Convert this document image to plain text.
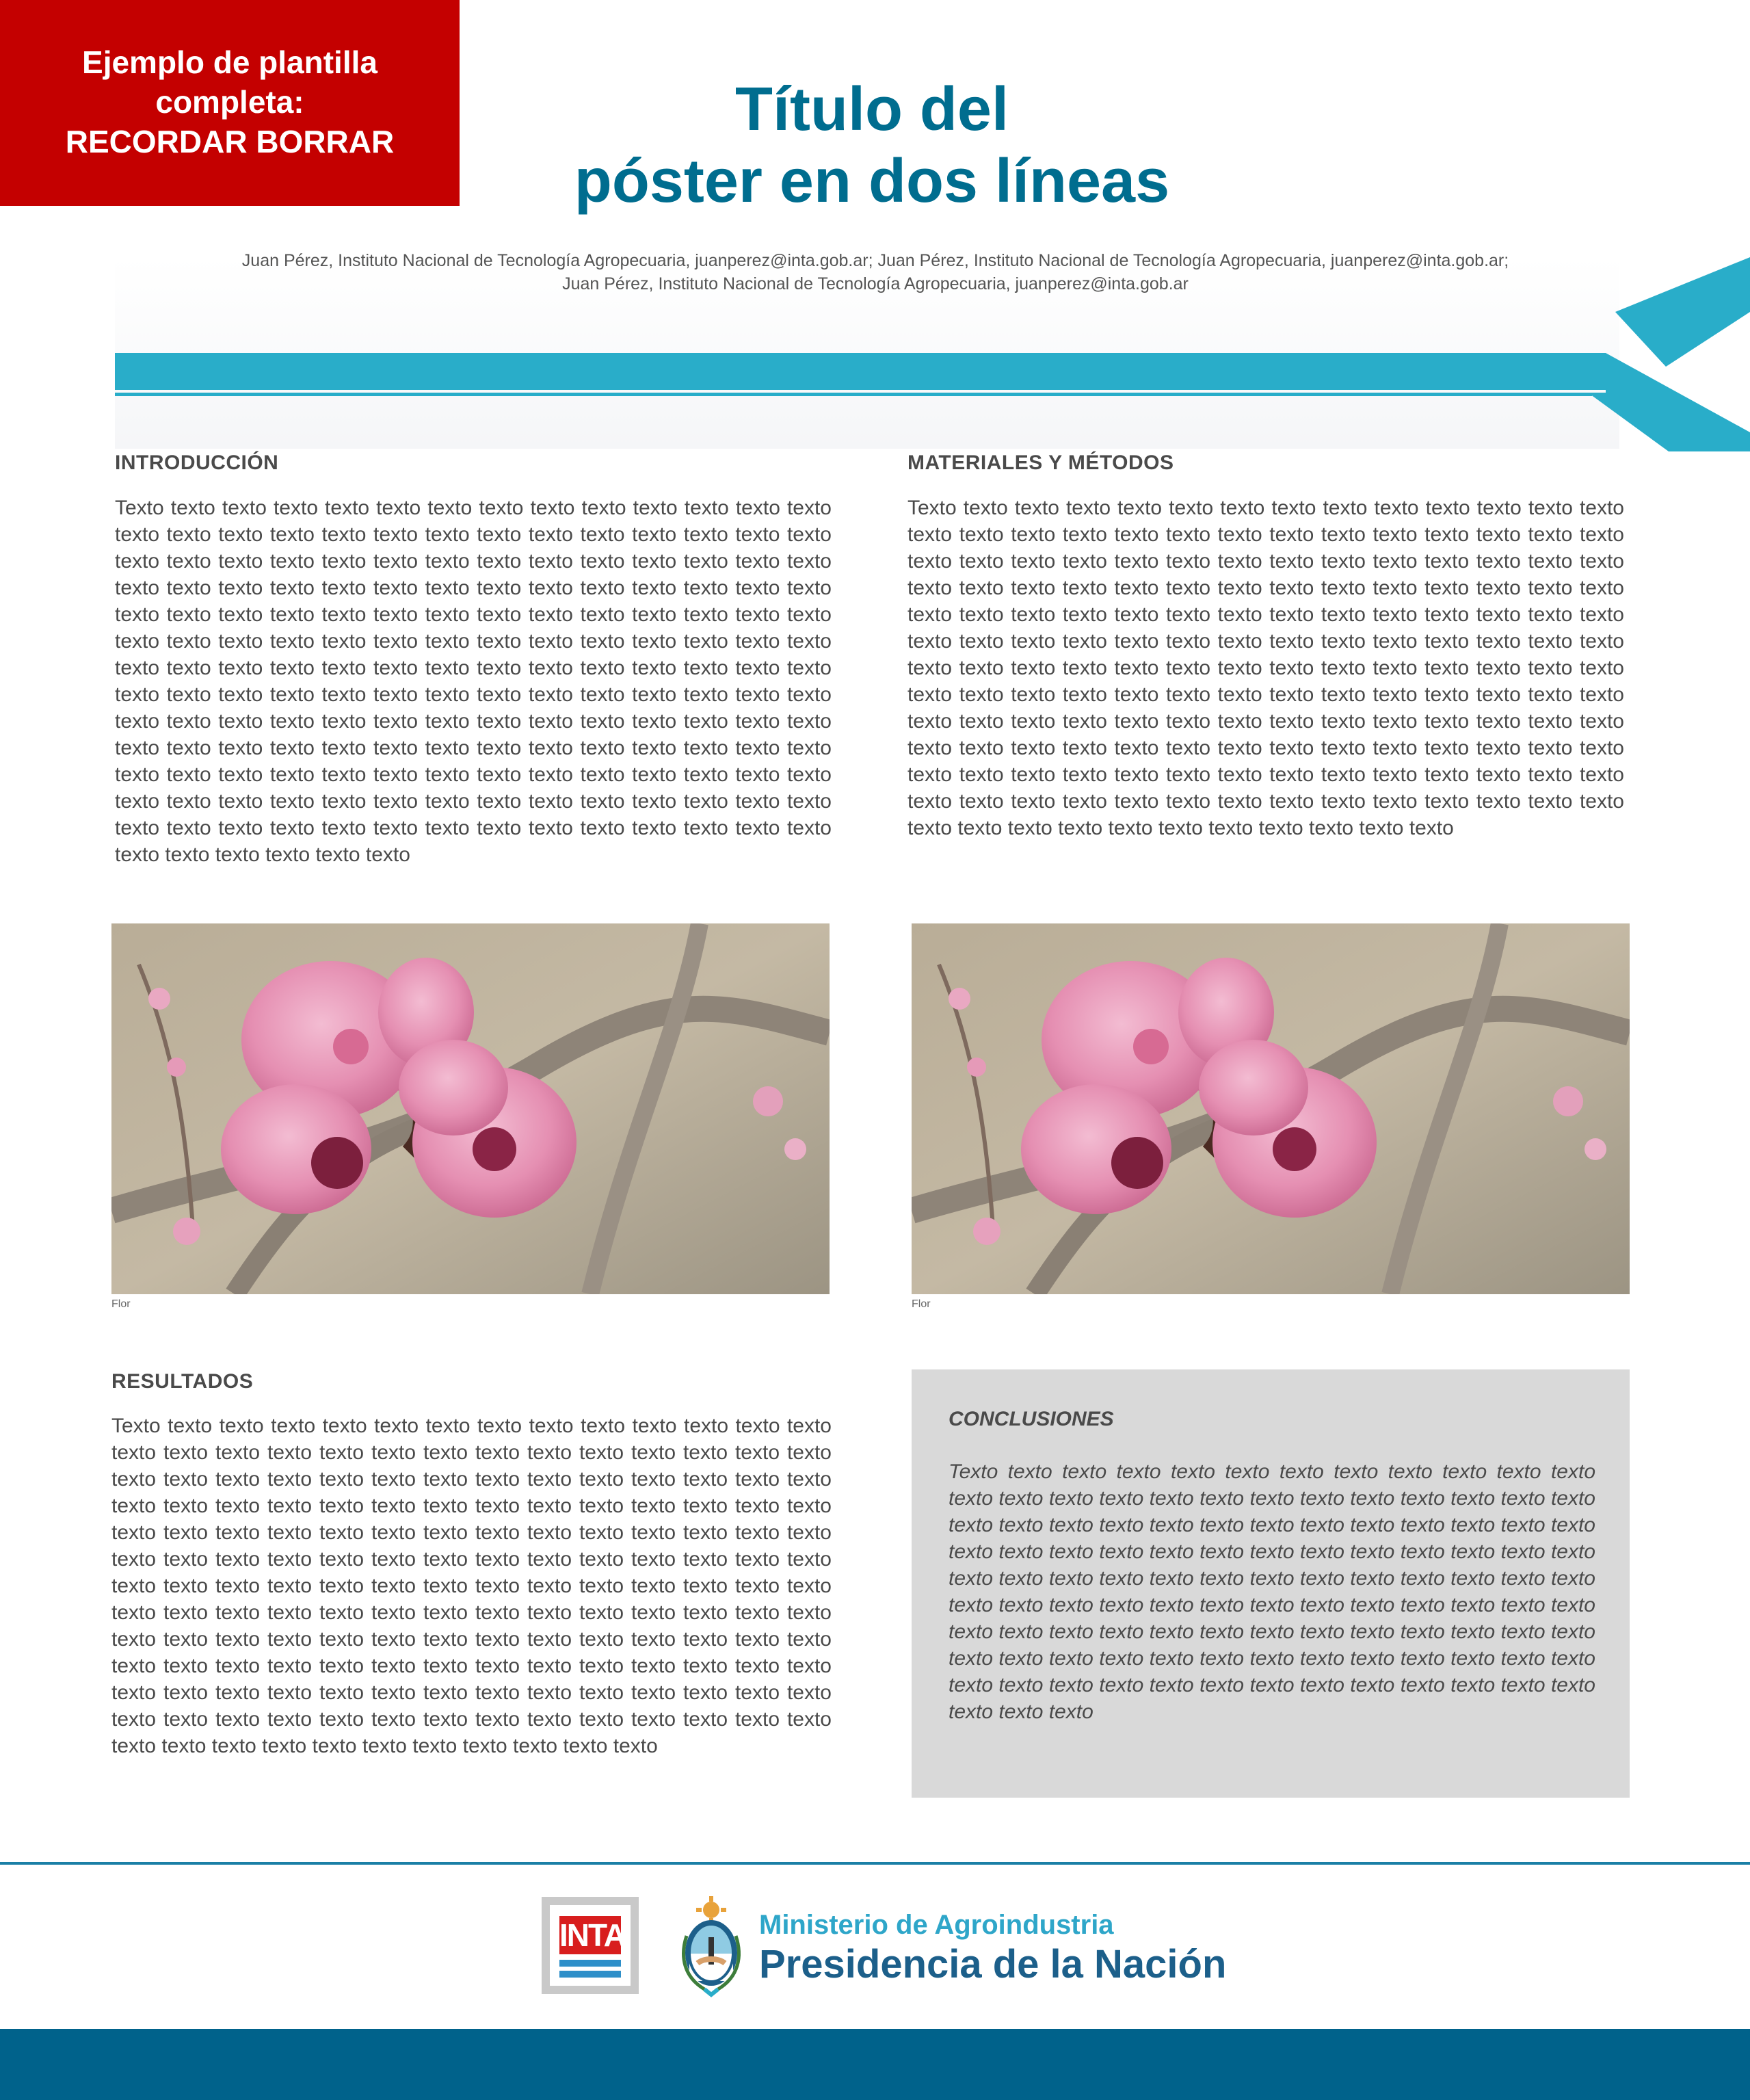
Ejemplo de plantilla
completa:
RECORDAR BORRAR	Título del
póster en dos líneas
Juan Pérez, Instituto Nacional de Tecnología Agropecuaria, juanperez@inta.gob.ar; Juan Pérez, Instituto Nacional de Tecnología Agropecuaria, juanperez@inta.gob.ar;
Juan Pérez, Instituto Nacional de Tecnología Agropecuaria, juanperez@inta.gob.ar
INTRODUCCIÓN
Texto texto texto texto texto texto texto texto texto texto texto texto texto texto texto texto texto texto texto texto texto texto texto texto texto texto texto texto texto texto texto texto texto texto texto texto texto texto texto texto texto texto texto texto texto texto texto texto texto texto texto texto texto texto texto texto texto texto texto texto texto texto texto texto texto texto texto texto texto texto texto texto texto texto texto texto texto texto texto texto texto texto texto texto texto texto texto texto texto texto texto texto texto texto texto texto texto texto texto texto texto texto texto texto texto texto texto texto texto texto texto texto texto texto texto texto texto texto texto texto texto texto texto texto texto texto texto texto texto texto texto texto texto texto texto texto texto texto texto texto texto texto texto texto texto texto texto texto texto texto texto texto texto texto texto texto texto texto texto texto texto texto texto texto texto texto texto texto texto texto texto texto texto texto texto texto texto texto texto texto texto texto texto texto texto texto texto texto
MATERIALES Y MÉTODOS
Texto texto texto texto texto texto texto texto texto texto texto texto texto texto texto texto texto texto texto texto texto texto texto texto texto texto texto texto texto texto texto texto texto texto texto texto texto texto texto texto texto texto texto texto texto texto texto texto texto texto texto texto texto texto texto texto texto texto texto texto texto texto texto texto texto texto texto texto texto texto texto texto texto texto texto texto texto texto texto texto texto texto texto texto texto texto texto texto texto texto texto texto texto texto texto texto texto texto texto texto texto texto texto texto texto texto texto texto texto texto texto texto texto texto texto texto texto texto texto texto texto texto texto texto texto texto texto texto texto texto texto texto texto texto texto texto texto texto texto texto texto texto texto texto texto texto texto texto texto texto texto texto texto texto texto texto texto texto texto texto texto texto texto texto texto texto texto texto texto texto texto texto texto texto texto texto texto texto texto
Flor	Flor
RESULTADOS
Texto texto texto texto texto texto texto texto texto texto texto texto texto texto texto texto texto texto texto texto texto texto texto texto texto texto texto texto texto texto texto texto texto texto texto texto texto texto texto texto texto texto texto texto texto texto texto texto texto texto texto texto texto texto texto texto texto texto texto texto texto texto texto texto texto texto texto texto texto texto texto texto texto texto texto texto texto texto texto texto texto texto texto texto texto texto texto texto texto texto texto texto texto texto texto texto texto texto texto texto texto texto texto texto texto texto texto texto texto texto texto texto texto texto texto texto texto texto texto texto texto texto texto texto texto texto texto texto texto texto texto texto texto texto texto texto texto texto texto texto texto texto texto texto texto texto texto texto texto texto texto texto texto texto texto texto texto texto texto texto texto texto texto texto texto texto texto texto texto texto texto texto texto texto texto texto texto texto texto
CONCLUSIONES
Texto texto texto texto texto texto texto texto texto texto texto texto texto texto texto texto texto texto texto texto texto texto texto texto texto texto texto texto texto texto texto texto texto texto texto texto texto texto texto texto texto texto texto texto texto texto texto texto texto texto texto texto texto texto texto texto texto texto texto texto texto texto texto texto texto texto texto texto texto texto texto texto texto texto texto texto texto texto texto texto texto texto texto texto texto texto texto texto texto texto texto texto texto texto texto texto texto texto texto texto texto texto texto texto texto texto texto texto texto texto texto texto texto texto texto texto texto texto texto
INTA	Ministerio de Agroindustria
Presidencia de la Nación
